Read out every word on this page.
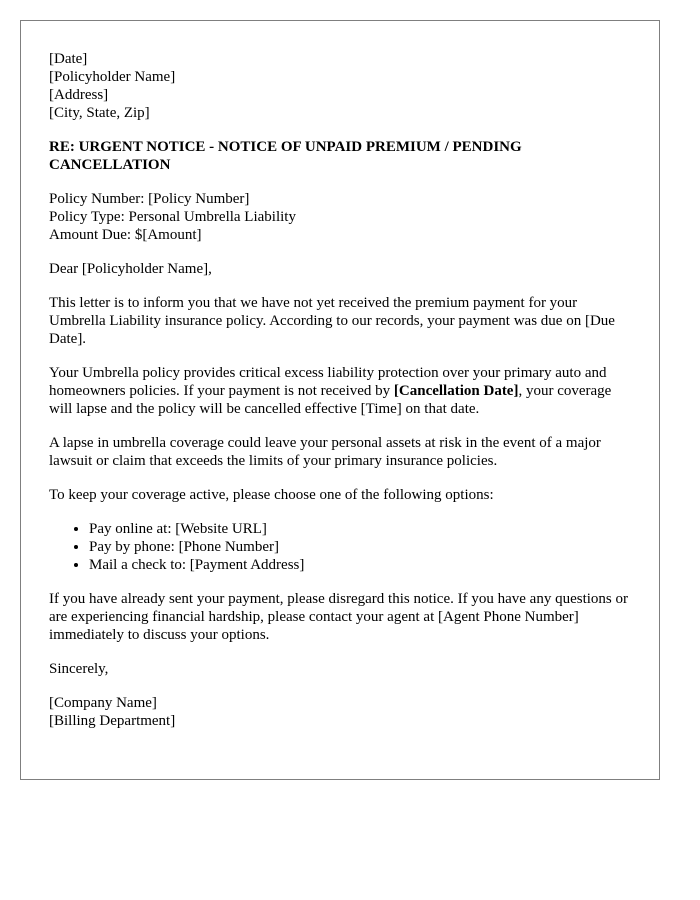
[Date]
[Policyholder Name]
[Address]
[City, State, Zip]
RE: URGENT NOTICE - NOTICE OF UNPAID PREMIUM / PENDING CANCELLATION
Policy Number: [Policy Number]
Policy Type: Personal Umbrella Liability
Amount Due: $[Amount]

Dear [Policyholder Name],

This letter is to inform you that we have not yet received the premium payment for your Umbrella Liability insurance policy. According to our records, your payment was due on [Due Date].

Your Umbrella policy provides critical excess liability protection over your primary auto and homeowners policies. If your payment is not received by [Cancellation Date], your coverage will lapse and the policy will be cancelled effective [Time] on that date.

A lapse in umbrella coverage could leave your personal assets at risk in the event of a major lawsuit or claim that exceeds the limits of your primary insurance policies.

To keep your coverage active, please choose one of the following options:

• Pay online at: [Website URL]
• Pay by phone: [Phone Number]
• Mail a check to: [Payment Address]

If you have already sent your payment, please disregard this notice. If you have any questions or are experiencing financial hardship, please contact your agent at [Agent Phone Number] immediately to discuss your options.

Sincerely,

[Company Name]
[Billing Department]
